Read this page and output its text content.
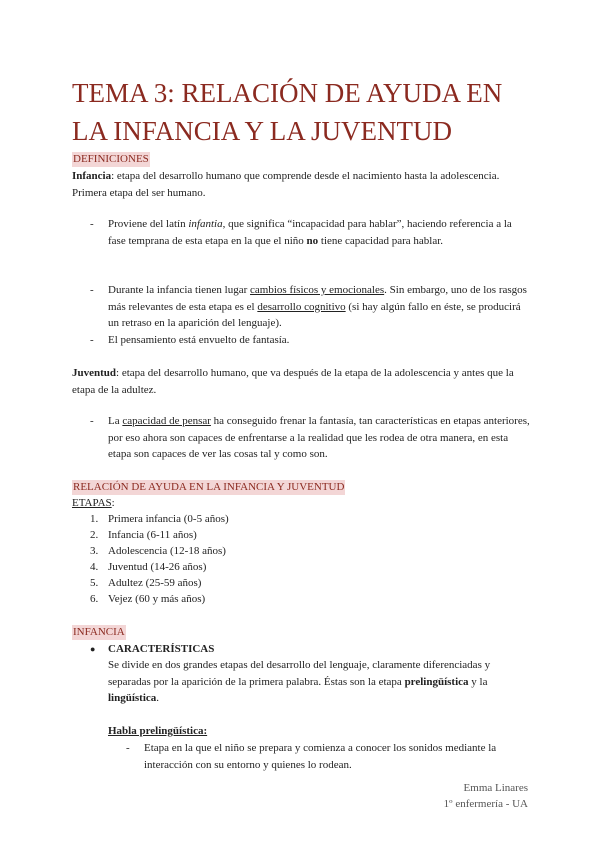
TEMA 3: RELACIÓN DE AYUDA EN LA INFANCIA Y LA JUVENTUD
DEFINICIONES

Infancia: etapa del desarrollo humano que comprende desde el nacimiento hasta la adolescencia. Primera etapa del ser humano.

- Proviene del latín infantia, que significa “incapacidad para hablar”, haciendo referencia a la fase temprana de esta etapa en la que el niño no tiene capacidad para hablar.

- Durante la infancia tienen lugar cambios físicos y emocionales. Sin embargo, uno de los rasgos más relevantes de esta etapa es el desarrollo cognitivo (si hay algún fallo en éste, se producirá un retraso en la aparición del lenguaje).

- El pensamiento está envuelto de fantasía.

Juventud: etapa del desarrollo humano, que va después de la etapa de la adolescencia y antes que la etapa de la adultez.

- La capacidad de pensar ha conseguido frenar la fantasía, tan características en etapas anteriores, por eso ahora son capaces de enfrentarse a la realidad que les rodea de otra manera, en esta etapa son capaces de ver las cosas tal y como son.

RELACIÓN DE AYUDA EN LA INFANCIA Y JUVENTUD

ETAPAS:

1. Primera infancia (0-5 años)
2. Infancia (6-11 años)
3. Adolescencia (12-18 años)
4. Juventud (14-26 años)
5. Adultez (25-59 años)
6. Vejez (60 y más años)
INFANCIA
● CARACTERÍSTICAS

Se divide en dos grandes etapas del desarrollo del lenguaje, claramente diferenciadas y separadas por la aparición de la primera palabra. Éstas son la etapa prelingüística y la lingüística.

Habla prelingüística:
- Etapa en la que el niño se prepara y comienza a conocer los sonidos mediante la interacción con su entorno y quienes lo rodean.

Emma Linares
1º enfermería - UA
